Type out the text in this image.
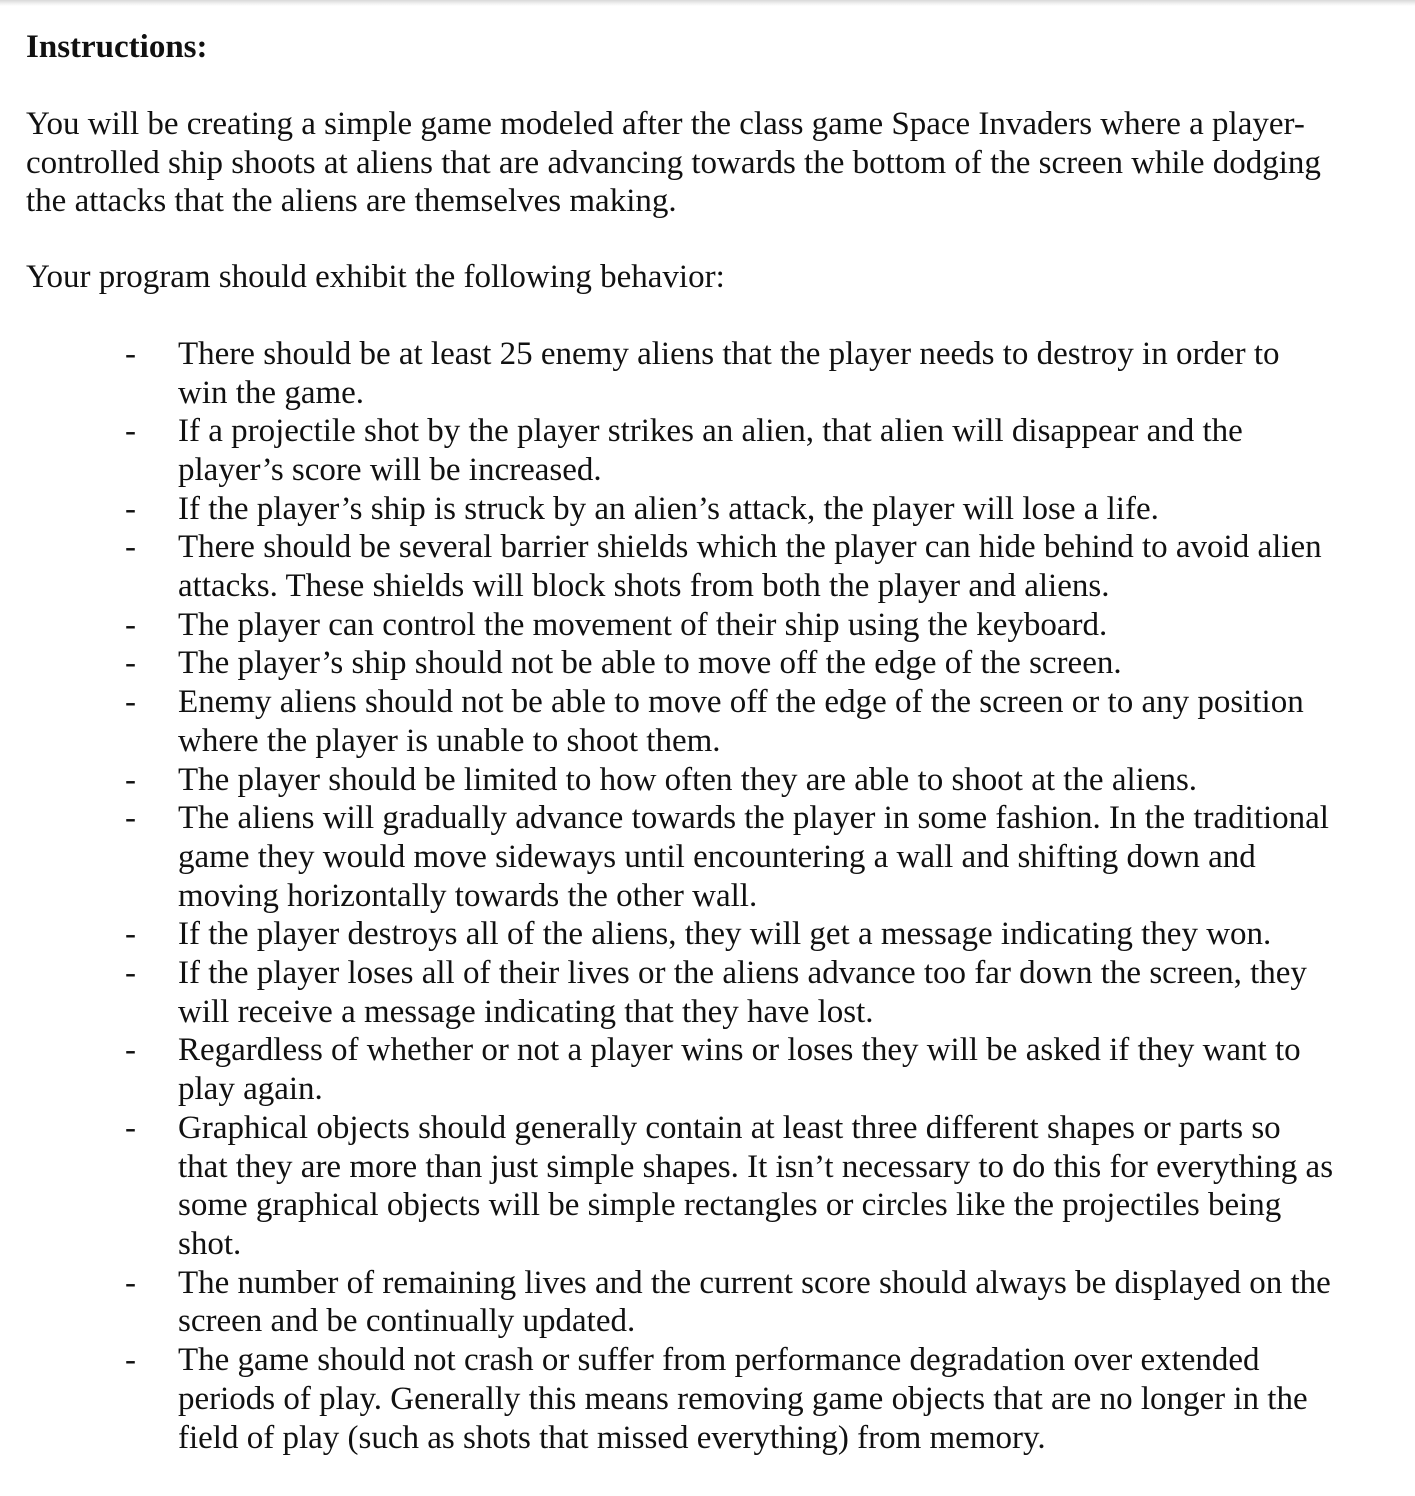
Instructions:

You will be creating a simple game modeled after the class game Space Invaders where a player-controlled ship shoots at aliens that are advancing towards the bottom of the screen while dodging the attacks that the aliens are themselves making.

Your program should exhibit the following behavior:

- There should be at least 25 enemy aliens that the player needs to destroy in order to win the game.
- If a projectile shot by the player strikes an alien, that alien will disappear and the player’s score will be increased.
- If the player’s ship is struck by an alien’s attack, the player will lose a life.
- There should be several barrier shields which the player can hide behind to avoid alien attacks. These shields will block shots from both the player and aliens.
- The player can control the movement of their ship using the keyboard.
- The player’s ship should not be able to move off the edge of the screen.
- Enemy aliens should not be able to move off the edge of the screen or to any position where the player is unable to shoot them.
- The player should be limited to how often they are able to shoot at the aliens.
- The aliens will gradually advance towards the player in some fashion. In the traditional game they would move sideways until encountering a wall and shifting down and moving horizontally towards the other wall.
- If the player destroys all of the aliens, they will get a message indicating they won.
- If the player loses all of their lives or the aliens advance too far down the screen, they will receive a message indicating that they have lost.
- Regardless of whether or not a player wins or loses they will be asked if they want to play again.
- Graphical objects should generally contain at least three different shapes or parts so that they are more than just simple shapes. It isn’t necessary to do this for everything as some graphical objects will be simple rectangles or circles like the projectiles being shot.
- The number of remaining lives and the current score should always be displayed on the screen and be continually updated.
- The game should not crash or suffer from performance degradation over extended periods of play. Generally this means removing game objects that are no longer in the field of play (such as shots that missed everything) from memory.
